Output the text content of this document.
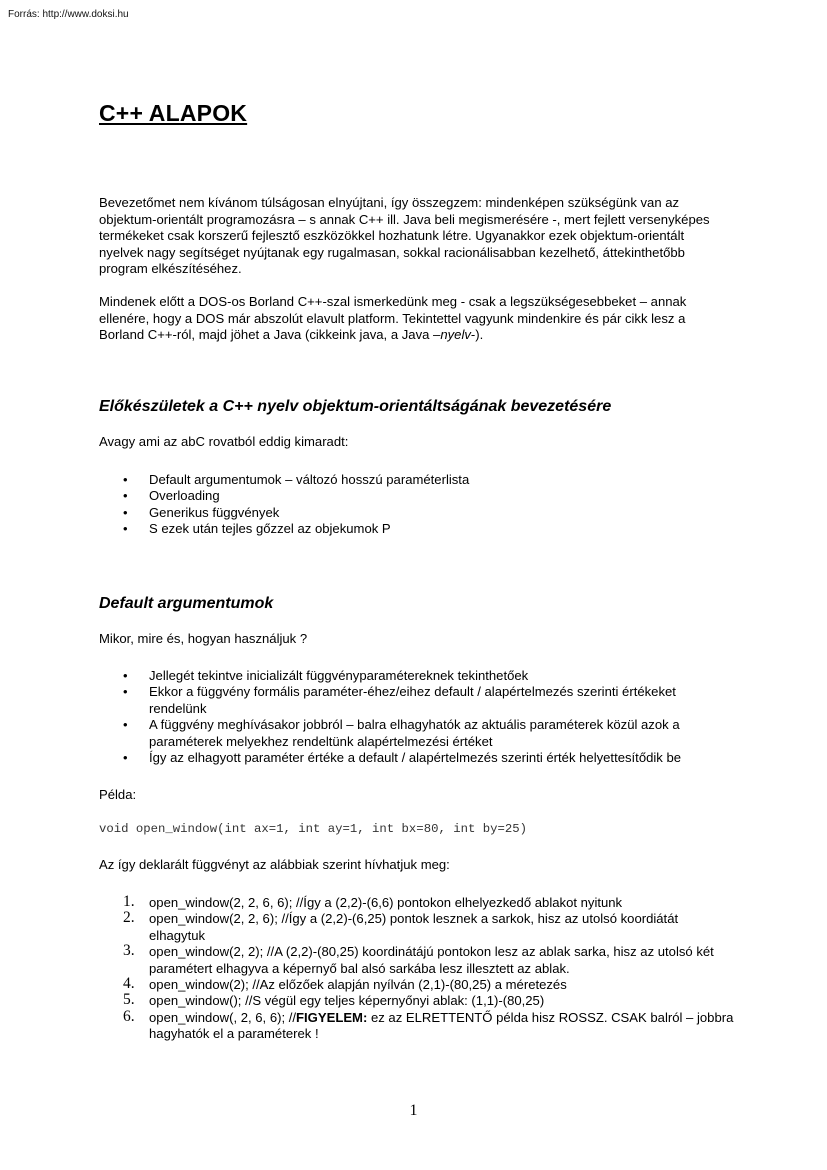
Forrás: http://www.doksi.hu
C++ ALAPOK

Bevezetőmet nem kívánom túlságosan elnyújtani, így összegzem: mindenképen szükségünk van az objektum-orientált programozásra – s annak C++ ill. Java beli megismerésére -, mert fejlett versenyképes termékeket csak korszerű fejlesztő eszközökkel hozhatunk létre. Ugyanakkor ezek objektum-orientált nyelvek nagy segítséget nyújtanak egy rugalmasan, sokkal racionálisabban kezelhető, áttekinthetőbb program elkészítéséhez.

Mindenek előtt a DOS-os Borland C++-szal ismerkedünk meg - csak a legszükségesebbeket – annak ellenére, hogy a DOS már abszolút elavult platform. Tekintettel vagyunk mindenkire és pár cikk lesz a Borland C++-ról, majd jöhet a Java (cikkeink java, a Java –nyelv-).

Előkészületek a C++ nyelv objektum-orientáltságának bevezetésére

Avagy ami az abC rovatból eddig kimaradt:

• Default argumentumok – változó hosszú paraméterlista
• Overloading
• Generikus függvények
• S ezek után tejles gőzzel az objekumok P
Default argumentumok

Mikor, mire és, hogyan használjuk ?

• Jellegét tekintve inicializált függvényparamétereknek tekinthetőek
• Ekkor a függvény formális paraméter-éhez/eihez default / alapértelmezés szerinti értékeket rendelünk
• A függvény meghívásakor jobbról – balra elhagyhatók az aktuális paraméterek közül azok a paraméterek melyekhez rendeltünk alapértelmezési értéket
• Így az elhagyott paraméter értéke a default / alapértelmezés szerinti érték helyettesítődik be

Példa:

void open_window(int ax=1, int ay=1, int bx=80, int by=25)

Az így deklarált függvényt az alábbiak szerint hívhatjuk meg:

1. open_window(2, 2, 6, 6); //Így a (2,2)-(6,6) pontokon elhelyezkedő ablakot nyitunk
2. open_window(2, 2, 6); //Így a (2,2)-(6,25) pontok lesznek a sarkok, hisz az utolsó koordiátát elhagytuk
3. open_window(2, 2); //A (2,2)-(80,25) koordinátájú pontokon lesz az ablak sarka, hisz az utolsó két paramétert elhagyva a képernyő bal alsó sarkába lesz illesztett az ablak.
4. open_window(2); //Az előzőek alapján nyílván (2,1)-(80,25) a méretezés
5. open_window(); //S végül egy teljes képernyőnyi ablak: (1,1)-(80,25)
6. open_window(, 2, 6, 6); //FIGYELEM: ez az ELRETTENTŐ példa hisz ROSSZ. CSAK balról – jobbra hagyhatók el a paraméterek !
1
